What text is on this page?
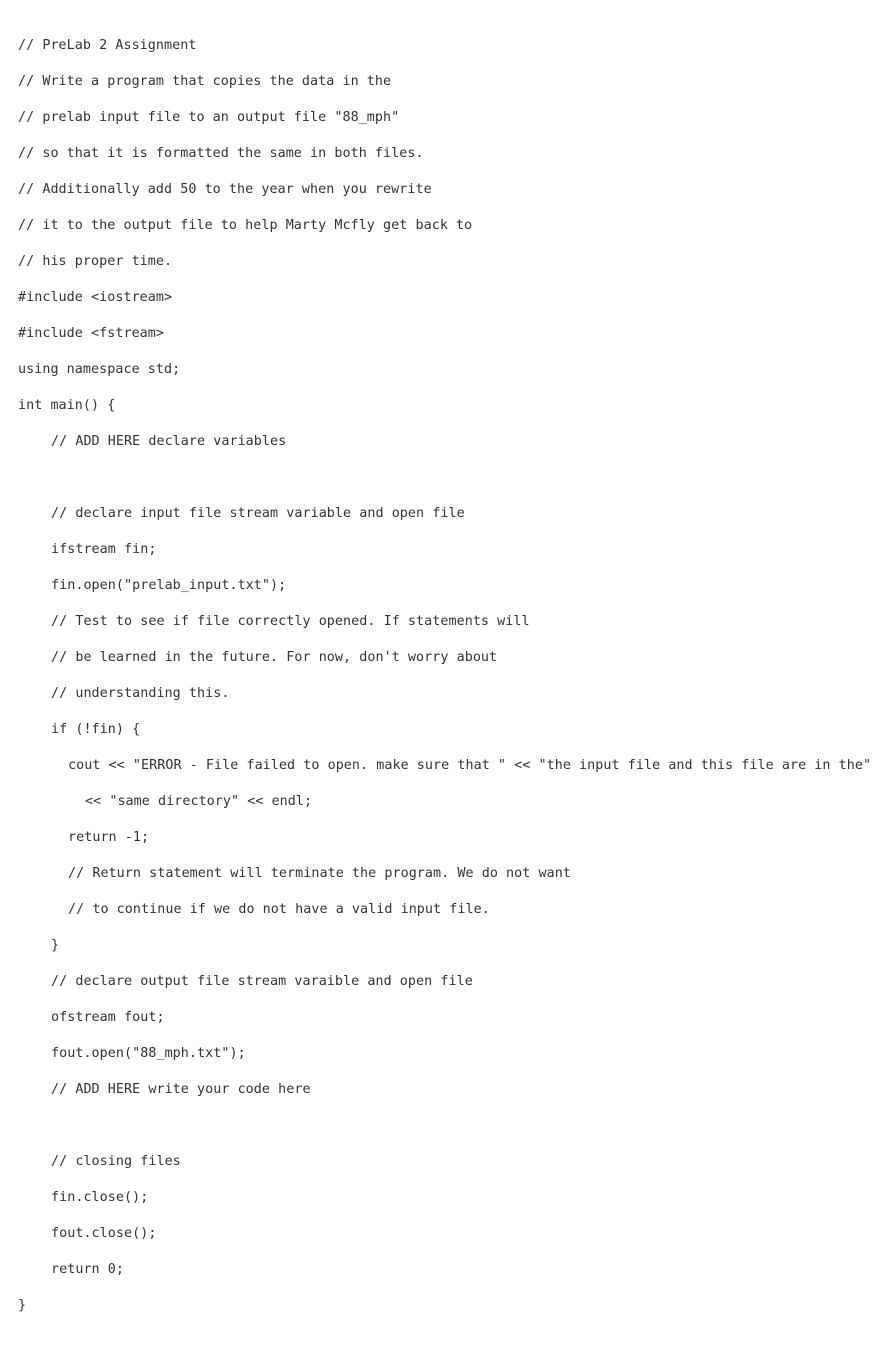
// PreLab 2 Assignment
// Write a program that copies the data in the
// prelab input file to an output file "88_mph"
// so that it is formatted the same in both files.
// Additionally add 50 to the year when you rewrite
// it to the output file to help Marty Mcfly get back to
// his proper time.
#include <iostream>
#include <fstream>
using namespace std;
int main() {
// ADD HERE declare variables
// declare input file stream variable and open file
ifstream fin;
fin.open("prelab_input.txt");
// Test to see if file correctly opened. If statements will
// be learned in the future. For now, don't worry about
// understanding this.
if (!fin) {
cout << "ERROR - File failed to open. make sure that " << "the input file and this file are in the"
<< "same directory" << endl;
return -1;
// Return statement will terminate the program. We do not want
// to continue if we do not have a valid input file.
}
// declare output file stream varaible and open file
ofstream fout;
fout.open("88_mph.txt");
// ADD HERE write your code here
// closing files
fin.close();
fout.close();
return 0;
}
